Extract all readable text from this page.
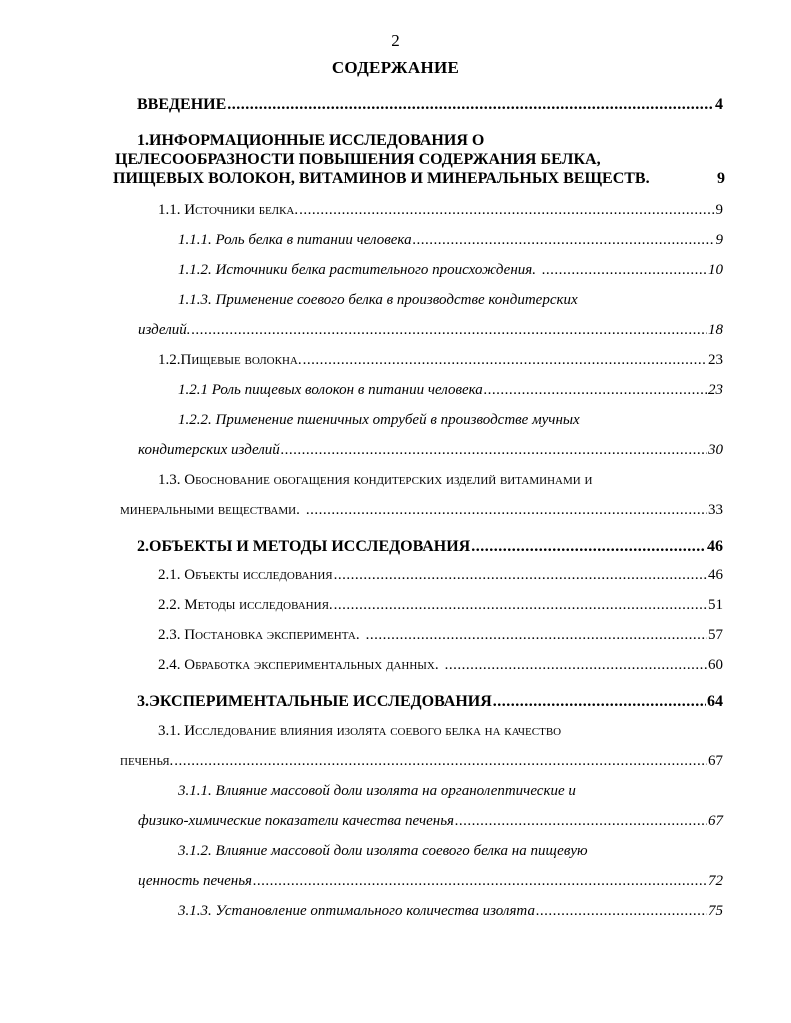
2
СОДЕРЖАНИЕ
ВВЕДЕНИЕ .....	4
1.ИНФОРМАЦИОННЫЕ ИССЛЕДОВАНИЯ О
ЦЕЛЕСООБРАЗНОСТИ ПОВЫШЕНИЯ СОДЕРЖАНИЯ БЕЛКА,
ПИЩЕВЫХ ВОЛОКОН, ВИТАМИНОВ И МИНЕРАЛЬНЫХ ВЕЩЕСТВ.	9
1.1. Источники белка. .....	9
1.1.1. Роль белка в питании человека .....	9
1.1.2. Источники белка растительного происхождения. .....	10
1.1.3. Применение соевого белка в производстве кондитерских
изделий. .....	18
1.2.Пищевые волокна. .....	23
1.2.1 Роль пищевых волокон в питании человека .....	23
1.2.2. Применение пшеничных отрубей в производстве мучных
кондитерских изделий .....	30
1.3. Обоснование обогащения кондитерских изделий витаминами и
минеральными веществами. .....	33
2.ОБЪЕКТЫ И МЕТОДЫ ИССЛЕДОВАНИЯ .....	46
2.1. Объекты исследования .....	46
2.2. Методы исследования. .....	51
2.3. Постановка эксперимента. .....	57
2.4. Обработка экспериментальных данных. .....	60
3.ЭКСПЕРИМЕНТАЛЬНЫЕ ИССЛЕДОВАНИЯ .....	64
3.1. Исследование влияния изолята соевого белка на качество
печенья. .....	67
3.1.1. Влияние массовой доли изолята на органолептические и
физико-химические показатели качества печенья .....	67
3.1.2. Влияние массовой доли изолята соевого белка на пищевую
ценность печенья .....	72
3.1.3. Установление оптимального количества изолята .....	75
